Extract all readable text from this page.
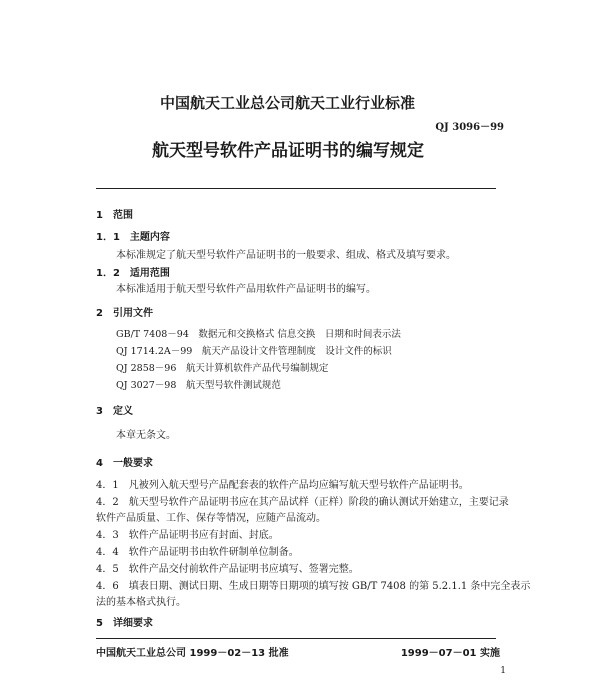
中国航天工业总公司航天工业行业标准
QJ 3096－99
航天型号软件产品证明书的编写规定
1　范围
1．1　主题内容
本标准规定了航天型号软件产品证明书的一般要求、组成、格式及填写要求。
1．2　适用范围
本标准适用于航天型号软件产品用软件产品证明书的编写。
2　引用文件
GB/T 7408－94　数据元和交换格式 信息交换　日期和时间表示法
QJ 1714.2A－99　航天产品设计文件管理制度　设计文件的标识
QJ 2858－96　航天计算机软件产品代号编制规定
QJ 3027－98　航天型号软件测试规范
3　定义
本章无条文。
4　一般要求
4．1　凡被列入航天型号产品配套表的软件产品均应编写航天型号软件产品证明书。
4．2　航天型号软件产品证明书应在其产品试样（正样）阶段的确认测试开始建立，主要记录
软件产品质量、工作、保存等情况，应随产品流动。
4．3　软件产品证明书应有封面、封底。
4．4　软件产品证明书由软件研制单位制备。
4．5　软件产品交付前软件产品证明书应填写、签署完整。
4．6　填表日期、测试日期、生成日期等日期项的填写按 GB/T 7408 的第 5.2.1.1 条中完全表示
法的基本格式执行。
5　详细要求
中国航天工业总公司 1999－02－13 批准	1999－07－01 实施
1
